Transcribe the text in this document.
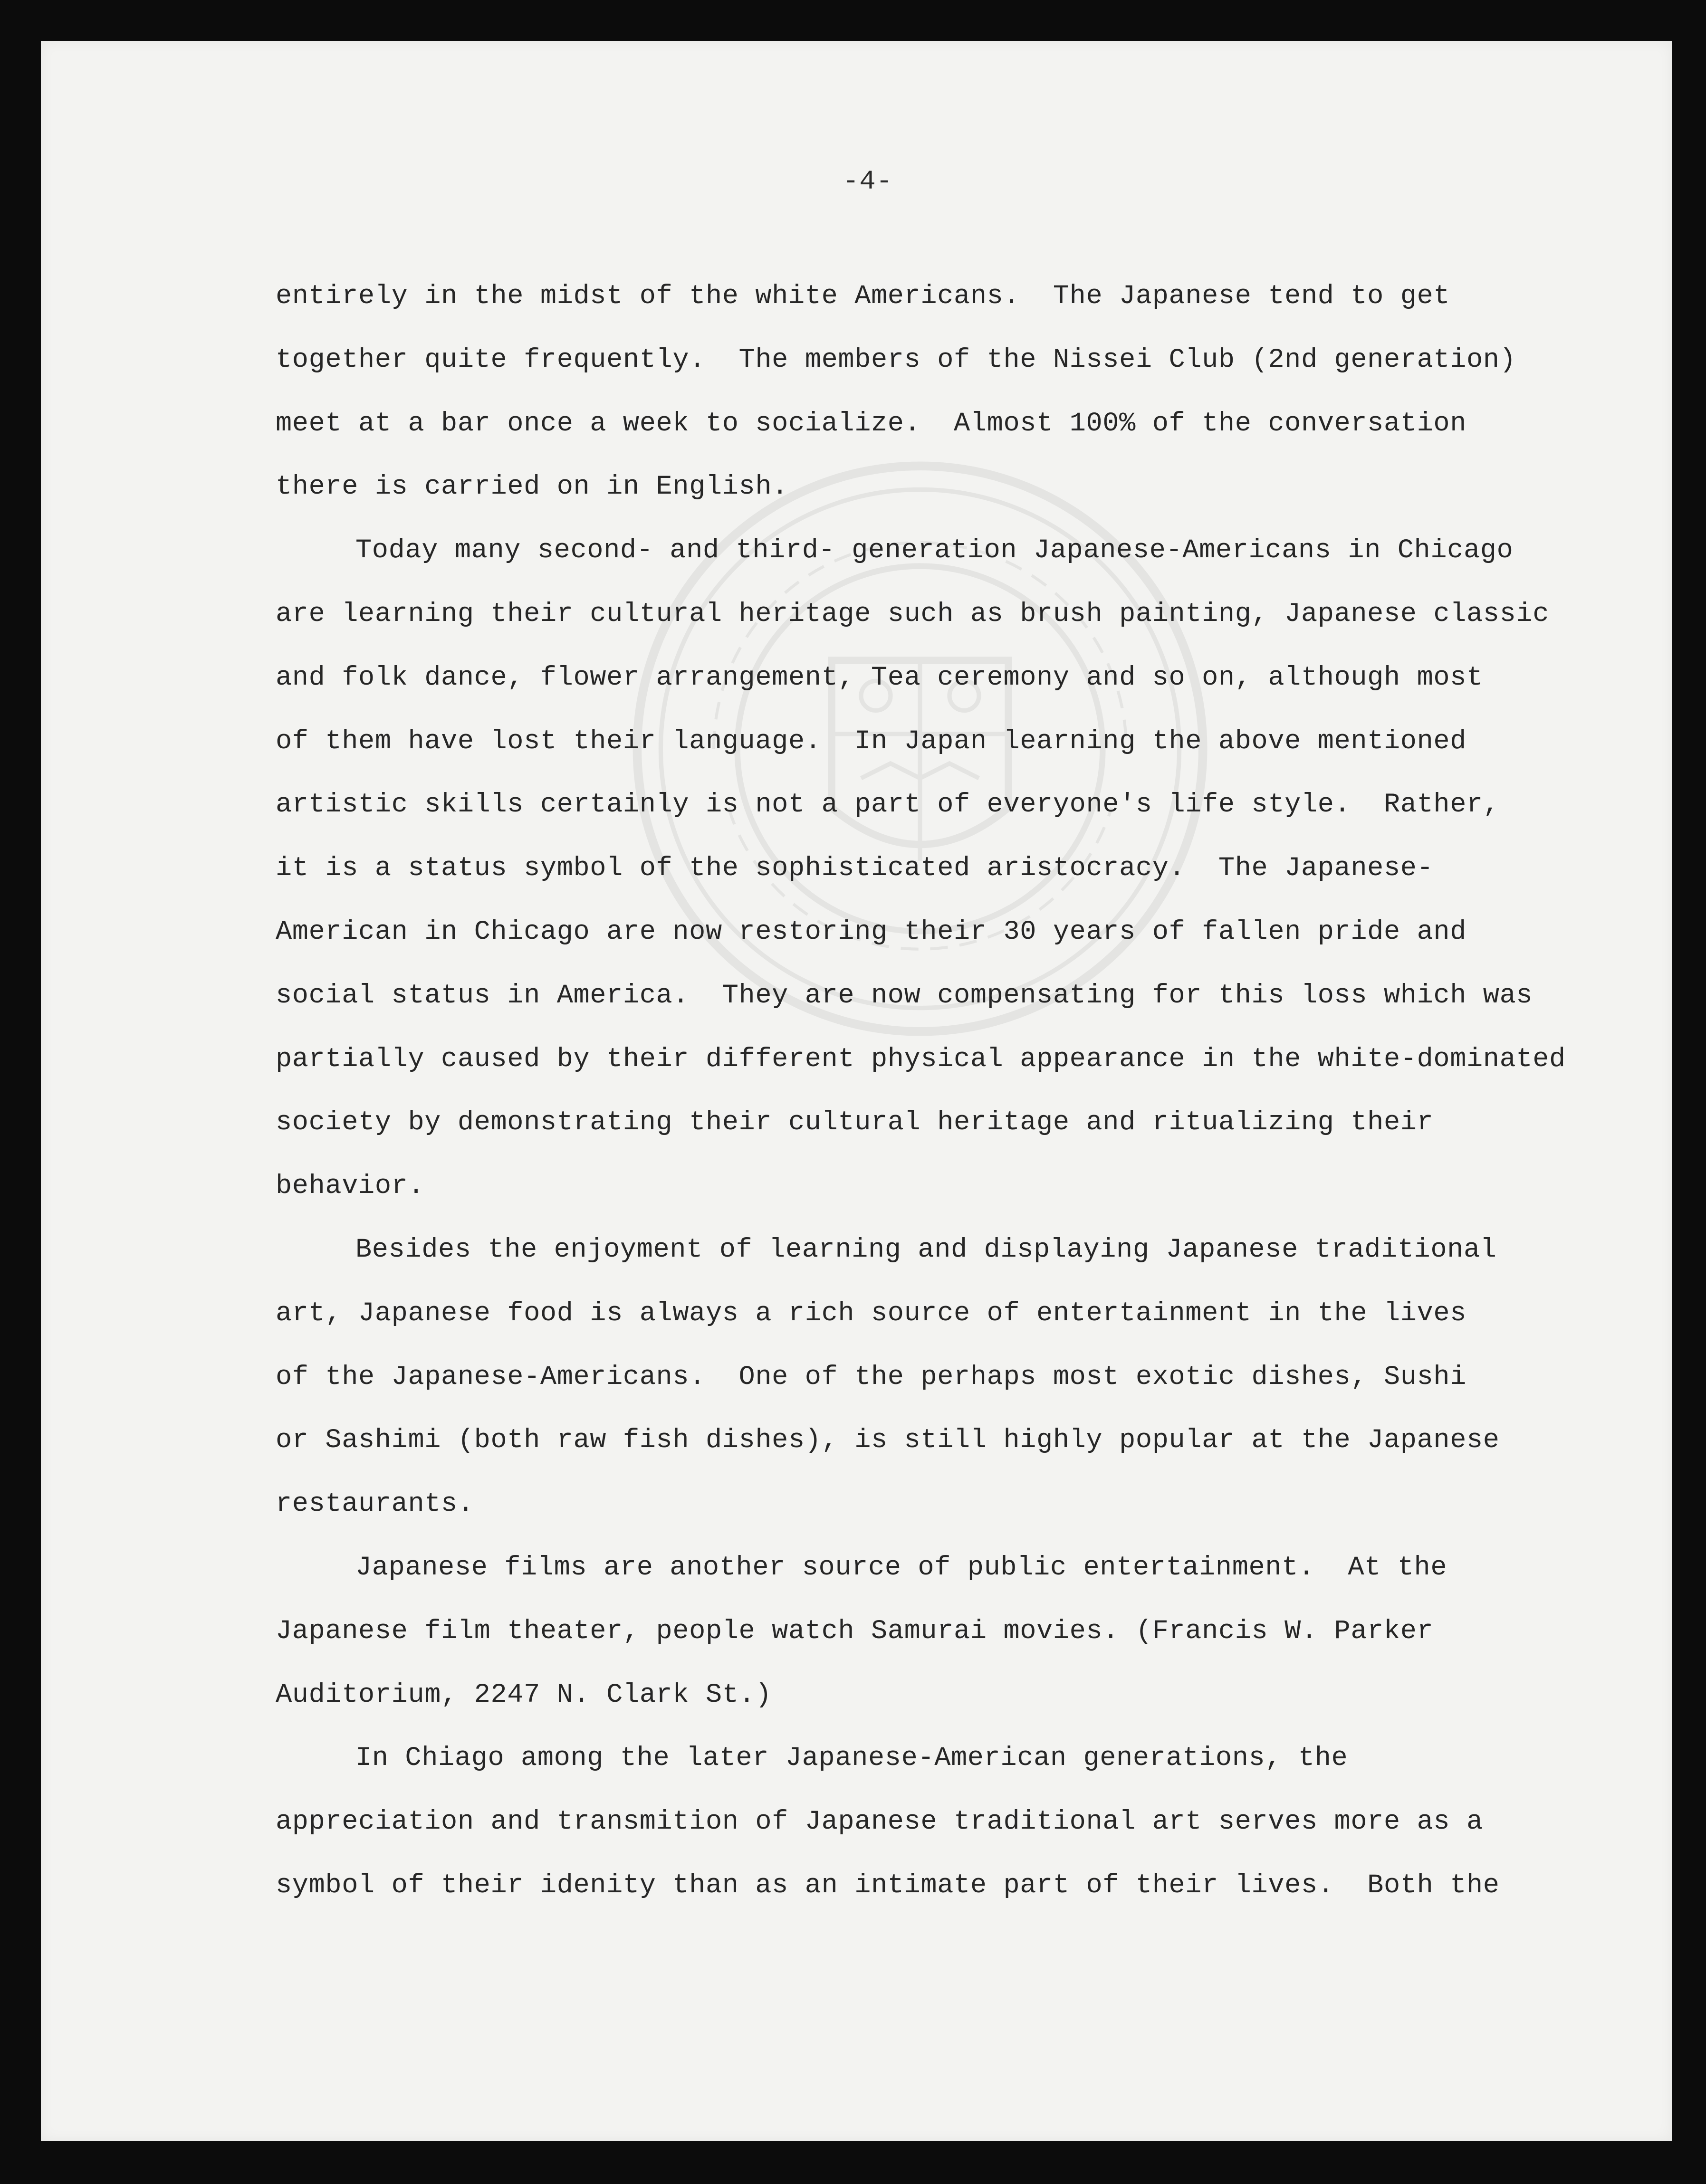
-4-
entirely in the midst of the white Americans.  The Japanese tend to get
together quite frequently.  The members of the Nissei Club (2nd generation)
meet at a bar once a week to socialize.  Almost 100% of the conversation
there is carried on in English.
Today many second- and third- generation Japanese-Americans in Chicago
are learning their cultural heritage such as brush painting, Japanese classic
and folk dance, flower arrangement, Tea ceremony and so on, although most
of them have lost their language.  In Japan learning the above mentioned
artistic skills certainly is not a part of everyone's life style.  Rather,
it is a status symbol of the sophisticated aristocracy.  The Japanese-
American in Chicago are now restoring their 30 years of fallen pride and
social status in America.  They are now compensating for this loss which was
partially caused by their different physical appearance in the white-dominated
society by demonstrating their cultural heritage and ritualizing their
behavior.
Besides the enjoyment of learning and displaying Japanese traditional
art, Japanese food is always a rich source of entertainment in the lives
of the Japanese-Americans.  One of the perhaps most exotic dishes, Sushi
or Sashimi (both raw fish dishes), is still highly popular at the Japanese
restaurants.
Japanese films are another source of public entertainment.  At the
Japanese film theater, people watch Samurai movies. (Francis W. Parker
Auditorium, 2247 N. Clark St.)
In Chiago among the later Japanese-American generations, the
appreciation and transmition of Japanese traditional art serves more as a
symbol of their idenity than as an intimate part of their lives.  Both the
